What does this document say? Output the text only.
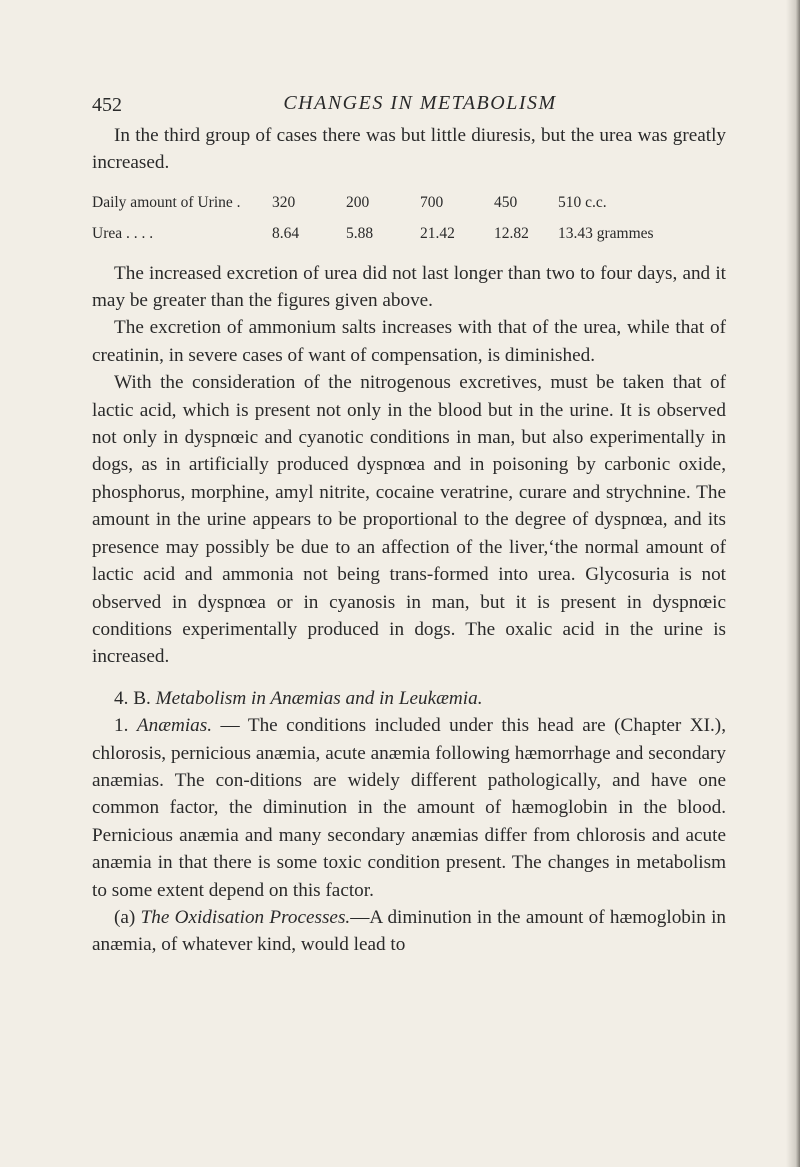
452	CHANGES IN METABOLISM

In the third group of cases there was but little diuresis, but the urea was greatly increased.

Daily amount of Urine .	320	200	700	450	510 c.c.
Urea . . . .	8.64	5.88	21.42	12.82	13.43 grammes

The increased excretion of urea did not last longer than two to four days, and it may be greater than the figures given above.

The excretion of ammonium salts increases with that of the urea, while that of creatinin, in severe cases of want of compensation, is diminished.

With the consideration of the nitrogenous excretives, must be taken that of lactic acid, which is present not only in the blood but in the urine. It is observed not only in dyspnœic and cyanotic conditions in man, but also experimentally in dogs, as in artificially produced dyspnœa and in poisoning by carbonic oxide, phosphorus, morphine, amyl nitrite, cocaine veratrine, curare and strychnine. The amount in the urine appears to be proportional to the degree of dyspnœa, and its presence may possibly be due to an affection of the liver,ʻthe normal amount of lactic acid and ammonia not being trans-formed into urea. Glycosuria is not observed in dyspnœa or in cyanosis in man, but it is present in dyspnœic conditions experimentally produced in dogs. The oxalic acid in the urine is increased.

4. B. Metabolism in Anæmias and in Leukæmia.

1. Anæmias. — The conditions included under this head are (Chapter XI.), chlorosis, pernicious anæmia, acute anæmia following hæmorrhage and secondary anæmias. The con-ditions are widely different pathologically, and have one common factor, the diminution in the amount of hæmoglobin in the blood. Pernicious anæmia and many secondary anæmias differ from chlorosis and acute anæmia in that there is some toxic condition present. The changes in metabolism to some extent depend on this factor.

(a) The Oxidisation Processes.—A diminution in the amount of hæmoglobin in anæmia, of whatever kind, would lead to
